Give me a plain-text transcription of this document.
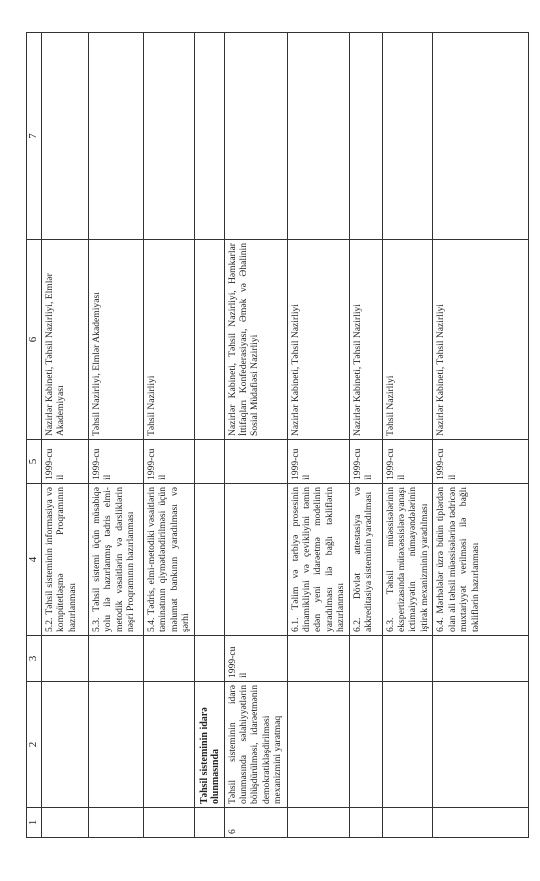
1	2	3	4	5	6	7
			5.2. Təhsil sisteminin informasiya və kompütetləşmə Proqramının hazırlanması	1999-cu il	Nazirlər Kabineti, Təhsil Nazirliyi, Elmlər Akademiyası	
			5.3. Təhsil sistemi üçün müsabiqə yolu ilə hazırlanmış tədris elmi-metodik vəsaitlərin və dərsliklərin nəşri Proqramının hazırlanması	1999-cu il	Təhsil Nazirliyi, Elmlər Akademiyası	
			5.4. Tədris, elmi-metodiki vəsaitlərin təminatının qiymətləndirilməsi üçün məlumat bankının yaradılması və şərhi	1999-cu il	Təhsil Nazirliyi	
	Təhsil sisteminin idarə olunmasında					
6	Təhsil sisteminin idarə olunmasında səlahiyyətlərin bölüşdürülməsi, idarəetmənin demokratikləşdirilməsi mexanizmini yaratmaq	1999-cu il			Nazirlər Kabineti, Təhsil Nazirliyi, Həmkarlar İttifaqları Konfederasiyası, Əmək və Əhalinin Sosial Müdafiəsi Nazirliyi	
			6.1. Təlim və tərbiyə prosesinin dinamikliyini və çevikliyini təmin edən yeni idarəetmə modelinin yaradılması ilə bağlı təkliflərin hazırlanması	1999-cu il	Nazirlər Kabineti, Təhsil Nazirliyi	
			6.2. Dövlət attestasiya və akkreditasiya sisteminin yaradılması	1999-cu il	Nazirlər Kabineti, Təhsil Nazirliyi	
			6.3. Təhsil müəssisələrinin ekspertizasında mütəxəssislərə yanaşı ictimaiyyətin nümayəndələrinin iştirak mexanizminin yaradılması	1999-cu il	Təhsil Nazirliyi	
			6.4. Mərhələlər üzrə bütün tiplərdən olan ali təhsil müəssisələrinə tədricən muxtariyyət verilməsi ilə bağlı təkliflərin hazırlanması	1999-cu il	Nazirlər Kabineti, Təhsil Nazirliyi	
